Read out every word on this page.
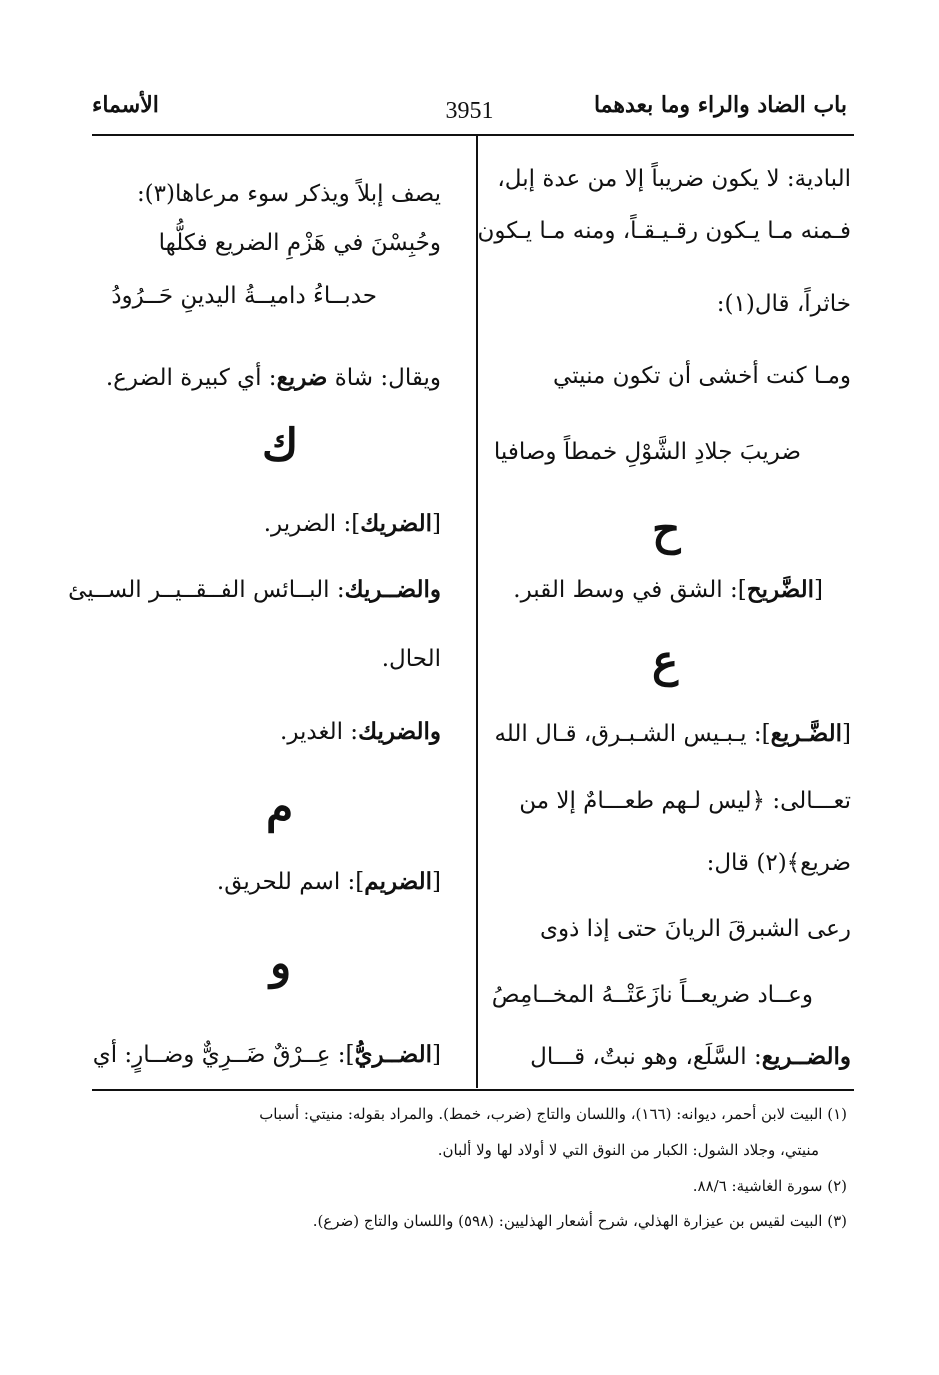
باب الضاد والراء وما بعدهما
3951
الأسماء
البادية: لا يكون ضريباً إلا من عدة إبل،
فـمنه مـا يـكون رقـيـقـاً، ومنه مـا يـكون
خاثراً، قال(١):
ومـا كنت أخشى أن تكون منيتي
ضريبَ جلادِ الشَّوْلِ خمطاً وصافيا
ح
[الضَّريح]: الشق في وسط القبر.
ع
[الضَّـريع]: يـبـيس الشـبـرق، قـال الله
تعـــالى: ﴿ليس لـهم طعـــامٌ إلا من
ضريع﴾(٢) قال:
رعى الشبرقَ الريانَ حتى إذا ذوى
وعــاد ضريعــاً نازَعَتْــهُ المخــامِصُ
والضــريع: السَّلَع، وهو نبتٌ، قـــال
يصف إبلاً ويذكر سوء مرعاها(٣):
وحُبِسْنَ في هَزْمِ الضريع فكلُّها
حدبــاءُ داميــةُ اليدينِ حَــرُودُ
ويقال: شاة ضريع: أي كبيرة الضرع.
ك
[الضريك]: الضرير.
والضــريك: البــائس الفــقــيــر الســيئ
الحال.
والضريك: الغدير.
م
[الضريم]: اسم للحريق.
و
[الضــريُّ]: عِــرْقٌ ضَــرِيٌّ وضــارٍ: أي
(١) البيت لابن أحمر، ديوانه: (١٦٦)، واللسان والتاج (ضرب، خمط). والمراد بقوله: منيتي: أسباب
منيتي، وجلاد الشول: الكبار من النوق التي لا أولاد لها ولا ألبان.
(٢) سورة الغاشية: ٨٨/٦.
(٣) البيت لقيس بن عيزارة الهذلي، شرح أشعار الهذليين: (٥٩٨) واللسان والتاج (ضرع).
